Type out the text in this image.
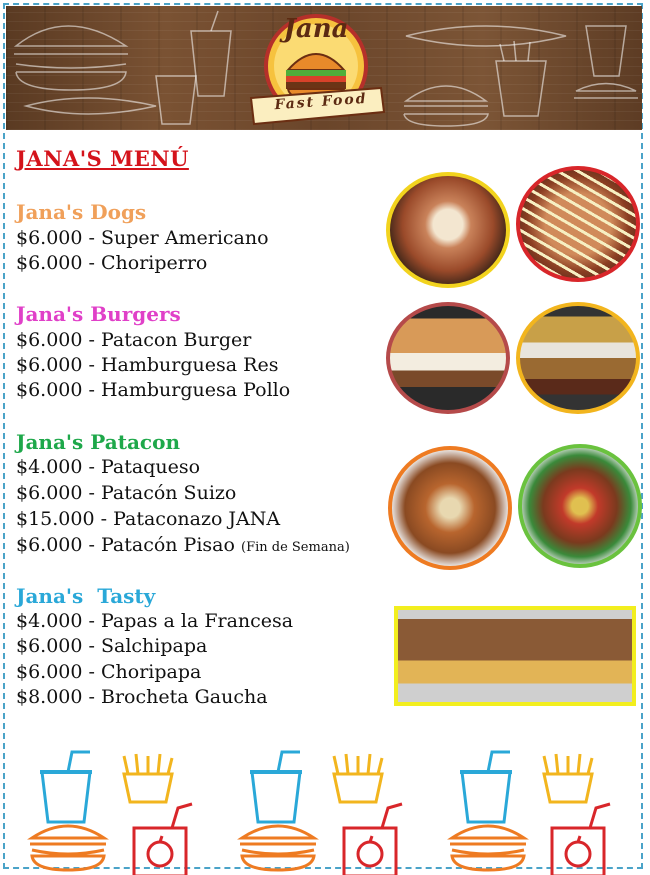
Jana
Fast Food
JANA'S MENÚ
Jana's Dogs
$6.000 - Super Americano
$6.000 - Choriperro
Jana's Burgers
$6.000 - Patacon Burger
$6.000 - Hamburguesa Res
$6.000 - Hamburguesa Pollo
Jana's Patacon
$4.000 - Pataqueso
$6.000 - Patacón Suizo
$15.000 - Pataconazo JANA
$6.000 - Patacón Pisao (Fin de Semana)
Jana's  Tasty
$4.000 - Papas a la Francesa
$6.000 - Salchipapa
$6.000 - Choripapa
$8.000 - Brocheta Gaucha
